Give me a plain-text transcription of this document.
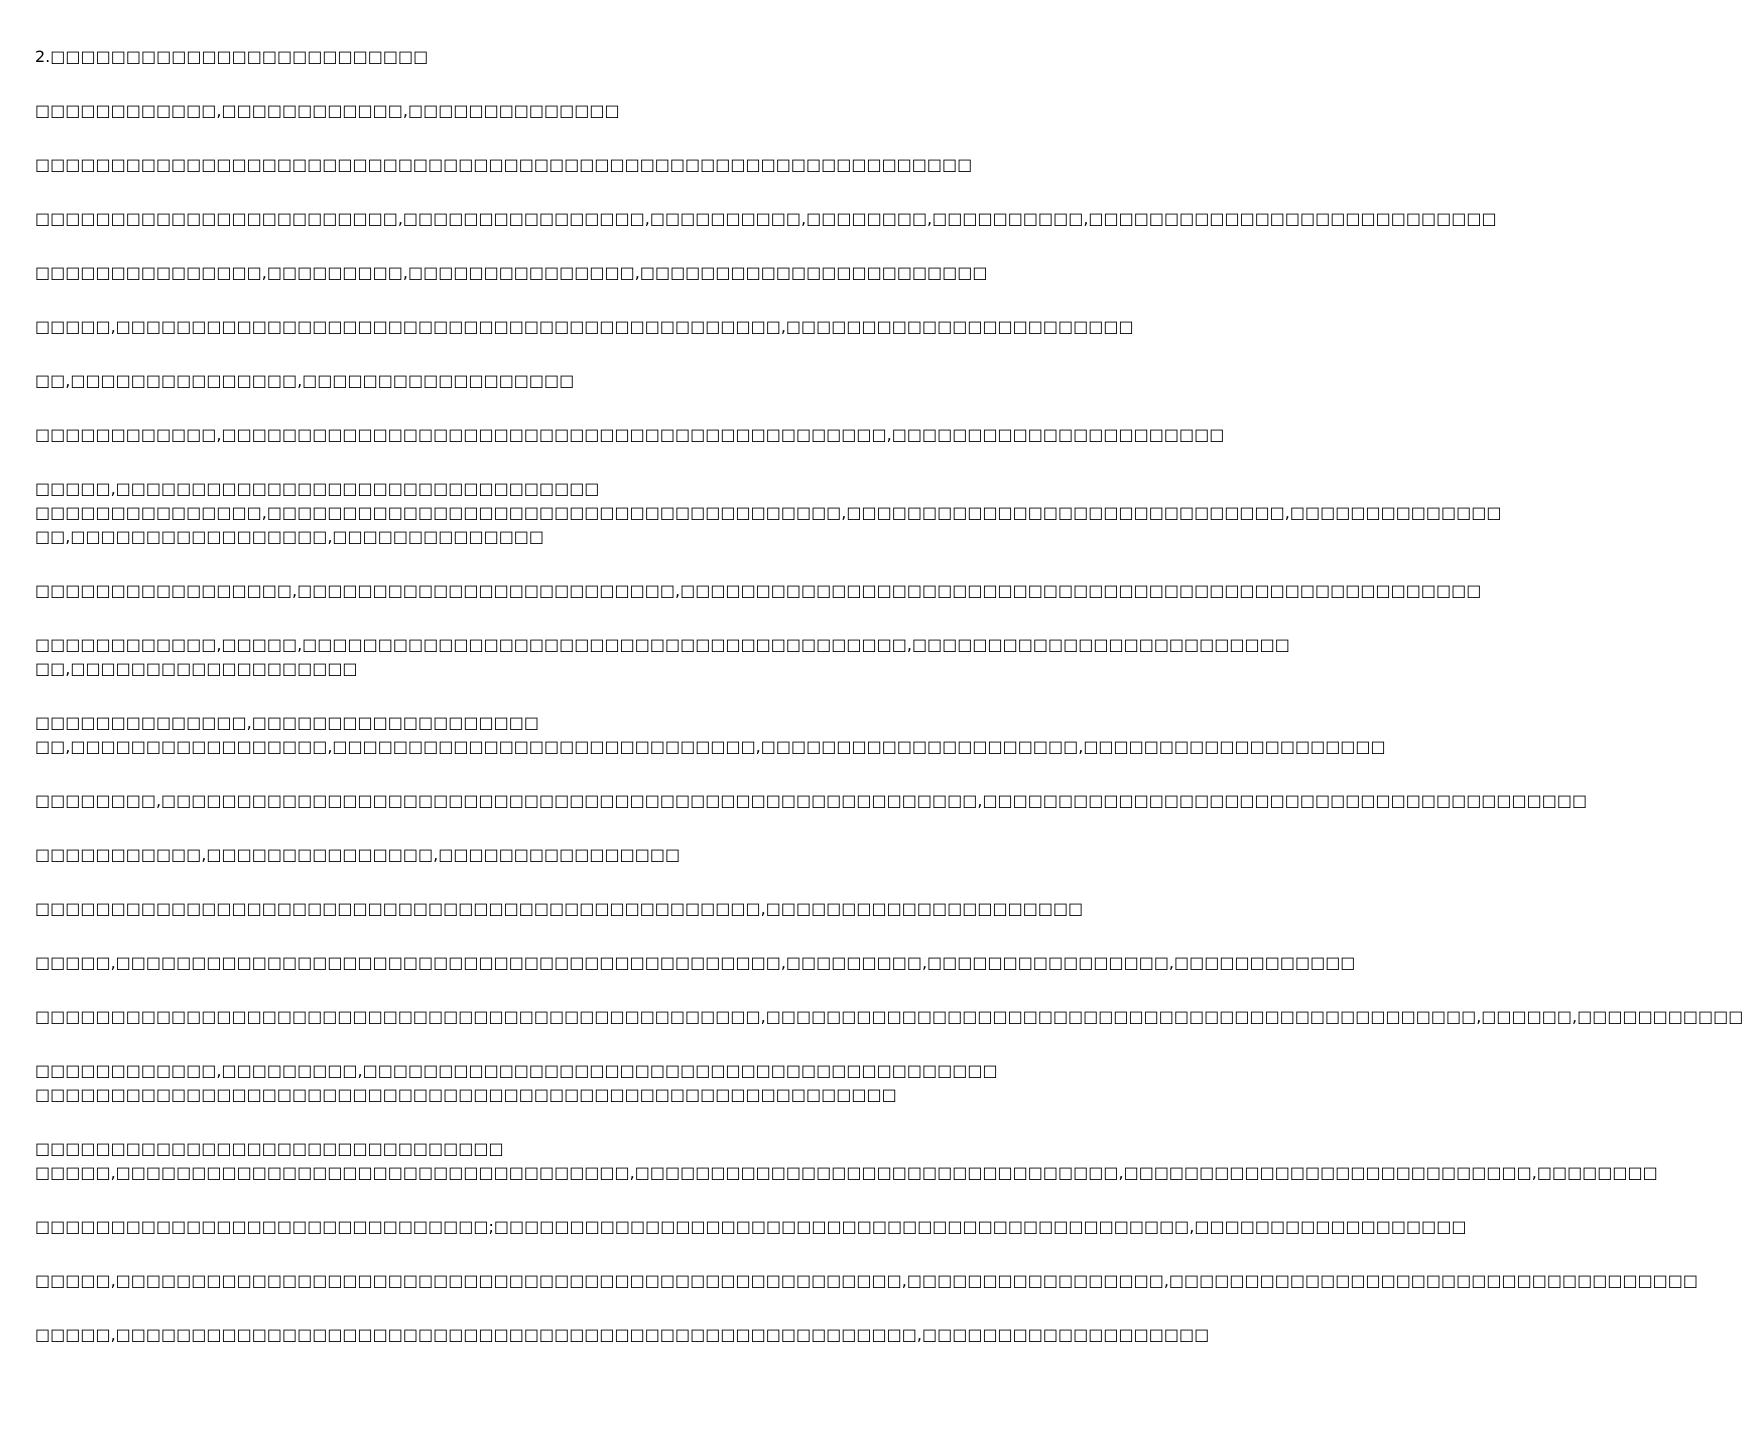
2.□□□□□□□□□□□□□□□□□□□□□□□□□

□□□□□□□□□□□□,□□□□□□□□□□□□,□□□□□□□□□□□□□□

□□□□□□□□□□□□□□□□□□□□□□□□□□□□□□□□□□□□□□□□□□□□□□□□□□□□□□□□□□□□□□

□□□□□□□□□□□□□□□□□□□□□□□□,□□□□□□□□□□□□□□□□,□□□□□□□□□□,□□□□□□□□,□□□□□□□□□□,□□□□□□□□□□□□□□□□□□□□□□□□□□□

□□□□□□□□□□□□□□□,□□□□□□□□□,□□□□□□□□□□□□□□□,□□□□□□□□□□□□□□□□□□□□□□□

□□□□□,□□□□□□□□□□□□□□□□□□□□□□□□□□□□□□□□□□□□□□□□□□□□,□□□□□□□□□□□□□□□□□□□□□□□

□□,□□□□□□□□□□□□□□□,□□□□□□□□□□□□□□□□□□

□□□□□□□□□□□□,□□□□□□□□□□□□□□□□□□□□□□□□□□□□□□□□□□□□□□□□□□□□,□□□□□□□□□□□□□□□□□□□□□□

□□□□□,□□□□□□□□□□□□□□□□□□□□□□□□□□□□□□□□
□□□□□□□□□□□□□□□,□□□□□□□□□□□□□□□□□□□□□□□□□□□□□□□□□□□□□□,□□□□□□□□□□□□□□□□□□□□□□□□□□□□□,□□□□□□□□□□□□□□
□□,□□□□□□□□□□□□□□□□□,□□□□□□□□□□□□□□

□□□□□□□□□□□□□□□□□,□□□□□□□□□□□□□□□□□□□□□□□□□,□□□□□□□□□□□□□□□□□□□□□□□□□□□□□□□□□□□□□□□□□□□□□□□□□□□□□

□□□□□□□□□□□□,□□□□□,□□□□□□□□□□□□□□□□□□□□□□□□□□□□□□□□□□□□□□□□,□□□□□□□□□□□□□□□□□□□□□□□□□
□□,□□□□□□□□□□□□□□□□□□□

□□□□□□□□□□□□□□,□□□□□□□□□□□□□□□□□□□
□□,□□□□□□□□□□□□□□□□□,□□□□□□□□□□□□□□□□□□□□□□□□□□□□,□□□□□□□□□□□□□□□□□□□□□,□□□□□□□□□□□□□□□□□□□□

□□□□□□□□,□□□□□□□□□□□□□□□□□□□□□□□□□□□□□□□□□□□□□□□□□□□□□□□□□□□□□□,□□□□□□□□□□□□□□□□□□□□□□□□□□□□□□□□□□□□□□□□

□□□□□□□□□□□,□□□□□□□□□□□□□□□,□□□□□□□□□□□□□□□□

□□□□□□□□□□□□□□□□□□□□□□□□□□□□□□□□□□□□□□□□□□□□□□□□,□□□□□□□□□□□□□□□□□□□□□

□□□□□,□□□□□□□□□□□□□□□□□□□□□□□□□□□□□□□□□□□□□□□□□□□□,□□□□□□□□□,□□□□□□□□□□□□□□□□,□□□□□□□□□□□□

□□□□□□□□□□□□□□□□□□□□□□□□□□□□□□□□□□□□□□□□□□□□□□□□,□□□□□□□□□□□□□□□□□□□□□□□□□□□□□□□□□□□□□□□□□□□□□□□,□□□□□□,□□□□□□□□□□□

□□□□□□□□□□□□,□□□□□□□□□,□□□□□□□□□□□□□□□□□□□□□□□□□□□□□□□□□□□□□□□□□□
□□□□□□□□□□□□□□□□□□□□□□□□□□□□□□□□□□□□□□□□□□□□□□□□□□□□□□□□□

□□□□□□□□□□□□□□□□□□□□□□□□□□□□□□□
□□□□□,□□□□□□□□□□□□□□□□□□□□□□□□□□□□□□□□□□,□□□□□□□□□□□□□□□□□□□□□□□□□□□□□□□□,□□□□□□□□□□□□□□□□□□□□□□□□□□□,□□□□□□□□

□□□□□□□□□□□□□□□□□□□□□□□□□□□□□□;□□□□□□□□□□□□□□□□□□□□□□□□□□□□□□□□□□□□□□□□□□□□□□,□□□□□□□□□□□□□□□□□□

□□□□□,□□□□□□□□□□□□□□□□□□□□□□□□□□□□□□□□□□□□□□□□□□□□□□□□□□□□,□□□□□□□□□□□□□□□□□,□□□□□□□□□□□□□□□□□□□□□□□□□□□□□□□□□□□

□□□□□,□□□□□□□□□□□□□□□□□□□□□□□□□□□□□□□□□□□□□□□□□□□□□□□□□□□□□,□□□□□□□□□□□□□□□□□□□
